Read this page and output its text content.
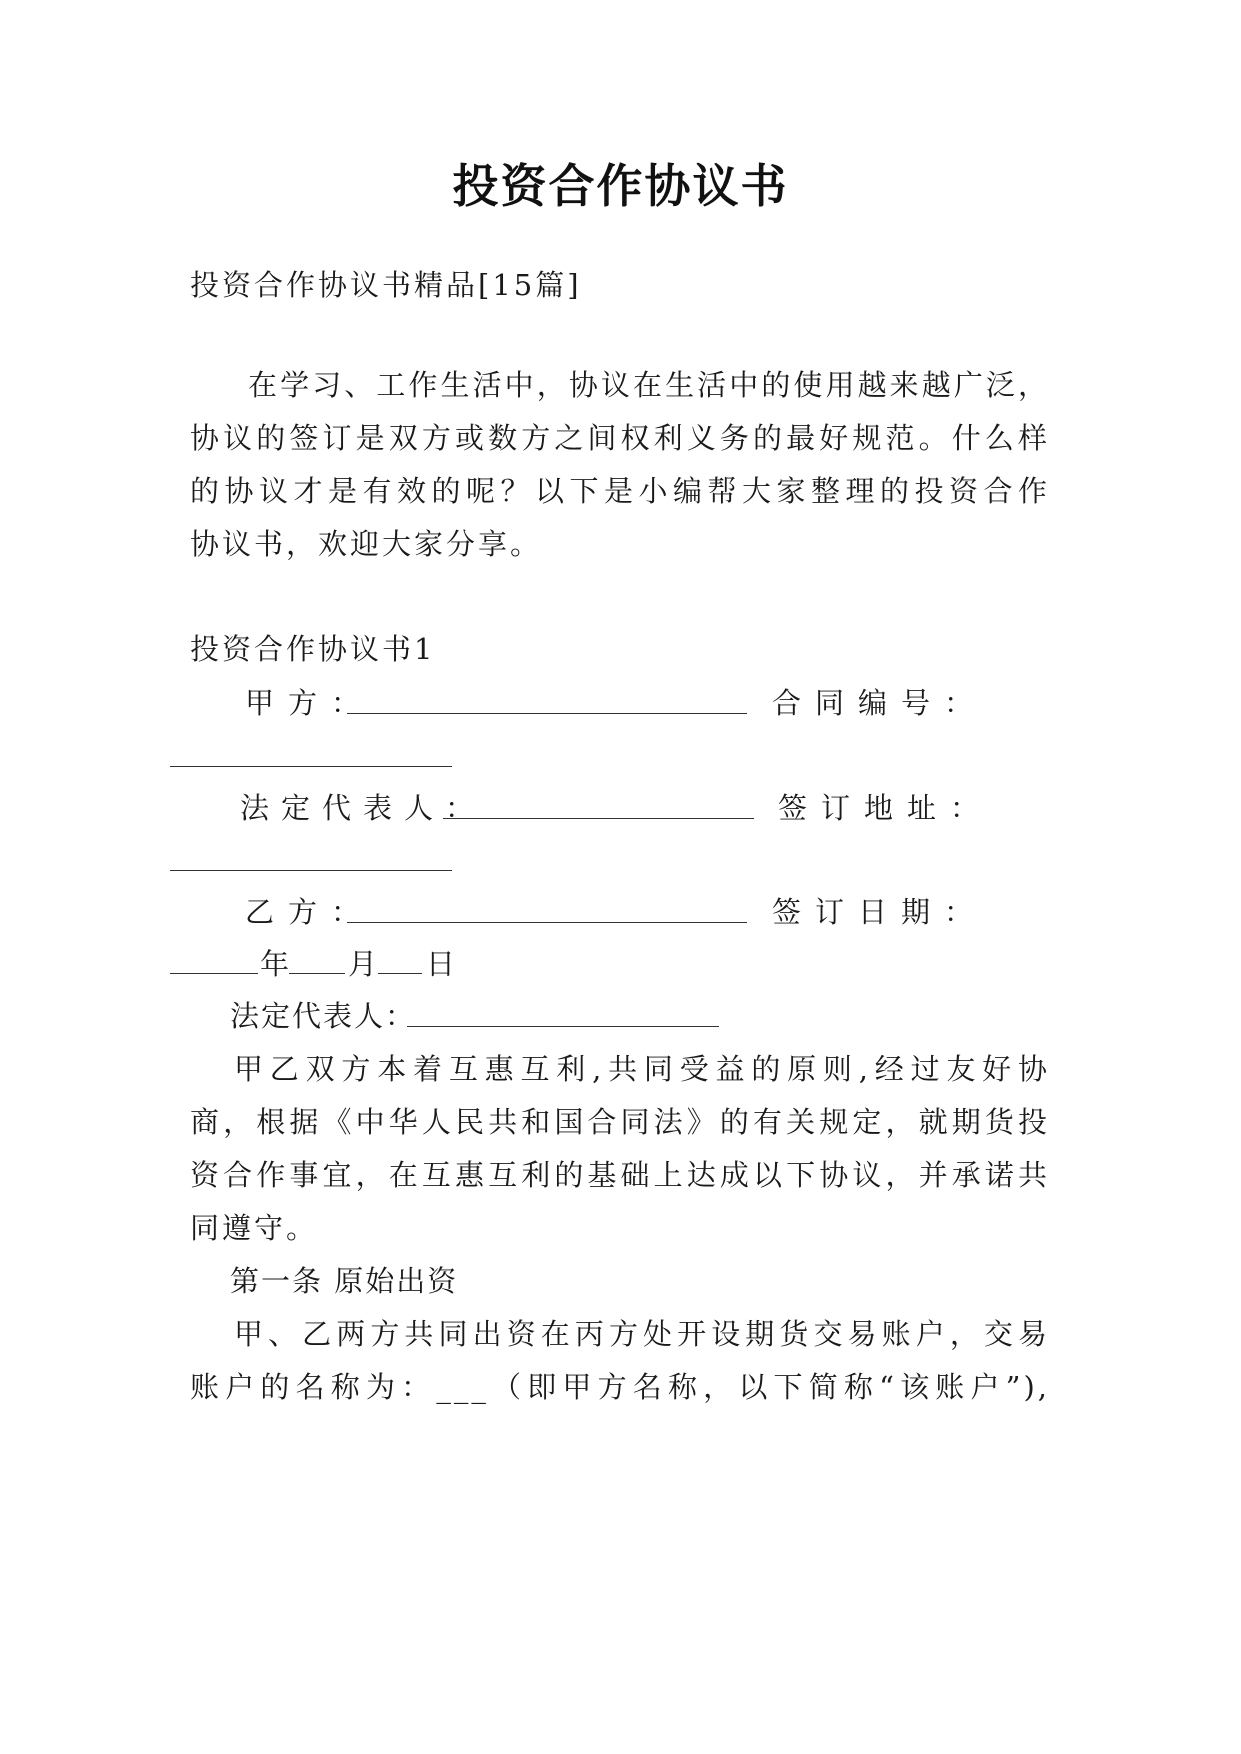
投资合作协议书
投资合作协议书精品[15篇]
在学习、工作生活中，协议在生活中的使用越来越广泛，
协议的签订是双方或数方之间权利义务的最好规范。什么样
的协议才是有效的呢？以下是小编帮大家整理的投资合作
协议书，欢迎大家分享。
投资合作协议书1
甲方：	合同编号：
法定代表人：	签订地址：
乙方：	签订日期：
年 月 日
法定代表人：
甲乙双方本着互惠互利,共同受益的原则,经过友好协
商，根据《中华人民共和国合同法》的有关规定，就期货投
资合作事宜，在互惠互利的基础上达成以下协议，并承诺共
同遵守。
第一条 原始出资
甲、乙两方共同出资在丙方处开设期货交易账户，交易
账户的名称为：___（即甲方名称，以下简称“该账户”),
